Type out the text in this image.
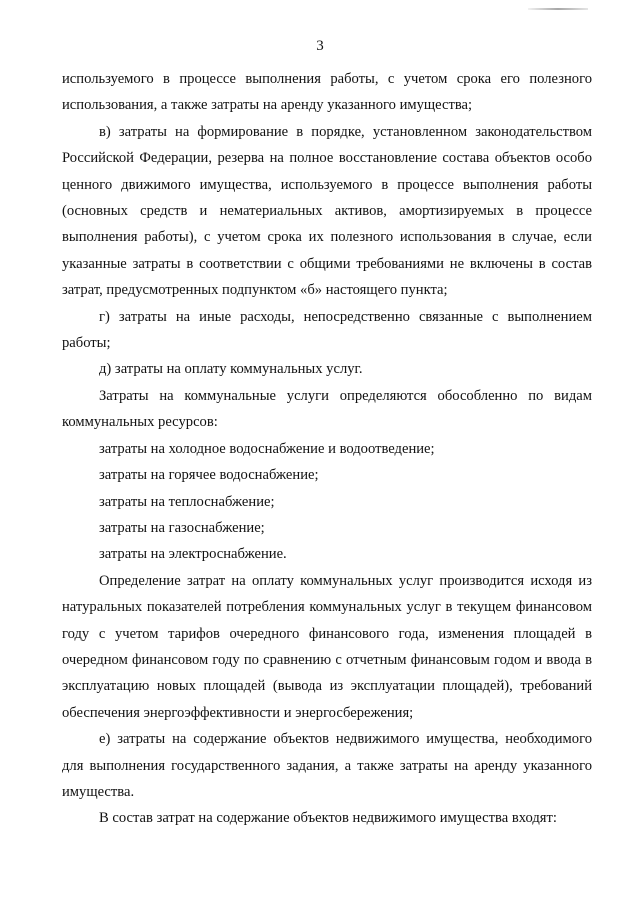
3

используемого в процессе выполнения работы, с учетом срока его полезного использования, а также затраты на аренду указанного имущества;

в) затраты на формирование в порядке, установленном законодательством Российской Федерации, резерва на полное восстановление состава объектов особо ценного движимого имущества, используемого в процессе выполнения работы (основных средств и нематериальных активов, амортизируемых в процессе выполнения работы), с учетом срока их полезного использования в случае, если указанные затраты в соответствии с общими требованиями не включены в состав затрат, предусмотренных подпунктом «б» настоящего пункта;

г) затраты на иные расходы, непосредственно связанные с выполнением работы;

д) затраты на оплату коммунальных услуг.

Затраты на коммунальные услуги определяются обособленно по видам коммунальных ресурсов:

затраты на холодное водоснабжение и водоотведение;

затраты на горячее водоснабжение;

затраты на теплоснабжение;

затраты на газоснабжение;

затраты на электроснабжение.

Определение затрат на оплату коммунальных услуг производится исходя из натуральных показателей потребления коммунальных услуг в текущем финансовом году с учетом тарифов очередного финансового года, изменения площадей в очередном финансовом году по сравнению с отчетным финансовым годом и ввода в эксплуатацию новых площадей (вывода из эксплуатации площадей), требований обеспечения энергоэффективности и энергосбережения;

е) затраты на содержание объектов недвижимого имущества, необходимого для выполнения государственного задания, а также затраты на аренду указанного имущества.

В состав затрат на содержание объектов недвижимого имущества входят:
